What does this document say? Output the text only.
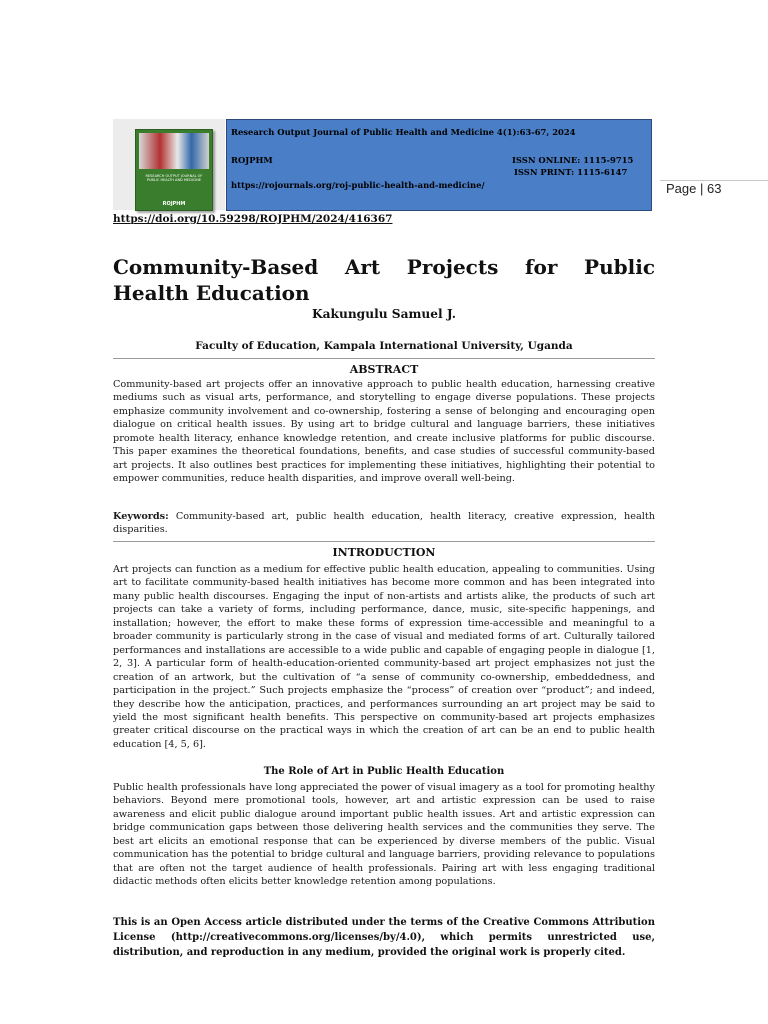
RESEARCH OUTPUT JOURNAL OF PUBLIC HEALTH AND MEDICINE
ROJPHM
Research Output Journal of Public Health and Medicine 4(1):63-67, 2024
ROJPHM	ISSN ONLINE: 1115-9715
ISSN PRINT: 1115-6147
https://rojournals.org/roj-public-health-and-medicine/	Page | 63
https://doi.org/10.59298/ROJPHM/2024/416367
Community-Based Art Projects for Public Health Education
Kakungulu Samuel J.
Faculty of Education, Kampala International University, Uganda
ABSTRACT

Community-based art projects offer an innovative approach to public health education, harnessing creative mediums such as visual arts, performance, and storytelling to engage diverse populations. These projects emphasize community involvement and co-ownership, fostering a sense of belonging and encouraging open dialogue on critical health issues. By using art to bridge cultural and language barriers, these initiatives promote health literacy, enhance knowledge retention, and create inclusive platforms for public discourse. This paper examines the theoretical foundations, benefits, and case studies of successful community-based art projects. It also outlines best practices for implementing these initiatives, highlighting their potential to empower communities, reduce health disparities, and improve overall well-being.

Keywords: Community-based art, public health education, health literacy, creative expression, health disparities.

INTRODUCTION

Art projects can function as a medium for effective public health education, appealing to communities. Using art to facilitate community-based health initiatives has become more common and has been integrated into many public health discourses. Engaging the input of non-artists and artists alike, the products of such art projects can take a variety of forms, including performance, dance, music, site-specific happenings, and installation; however, the effort to make these forms of expression time-accessible and meaningful to a broader community is particularly strong in the case of visual and mediated forms of art. Culturally tailored performances and installations are accessible to a wide public and capable of engaging people in dialogue [1, 2, 3]. A particular form of health-education-oriented community-based art project emphasizes not just the creation of an artwork, but the cultivation of “a sense of community co-ownership, embeddedness, and participation in the project.” Such projects emphasize the “process” of creation over “product”; and indeed, they describe how the anticipation, practices, and performances surrounding an art project may be said to yield the most significant health benefits. This perspective on community-based art projects emphasizes greater critical discourse on the practical ways in which the creation of art can be an end to public health education [4, 5, 6].

The Role of Art in Public Health Education

Public health professionals have long appreciated the power of visual imagery as a tool for promoting healthy behaviors. Beyond mere promotional tools, however, art and artistic expression can be used to raise awareness and elicit public dialogue around important public health issues. Art and artistic expression can bridge communication gaps between those delivering health services and the communities they serve. The best art elicits an emotional response that can be experienced by diverse members of the public. Visual communication has the potential to bridge cultural and language barriers, providing relevance to populations that are often not the target audience of health professionals. Pairing art with less engaging traditional didactic methods often elicits better knowledge retention among populations.

This is an Open Access article distributed under the terms of the Creative Commons Attribution License (http://creativecommons.org/licenses/by/4.0), which permits unrestricted use, distribution, and reproduction in any medium, provided the original work is properly cited.
